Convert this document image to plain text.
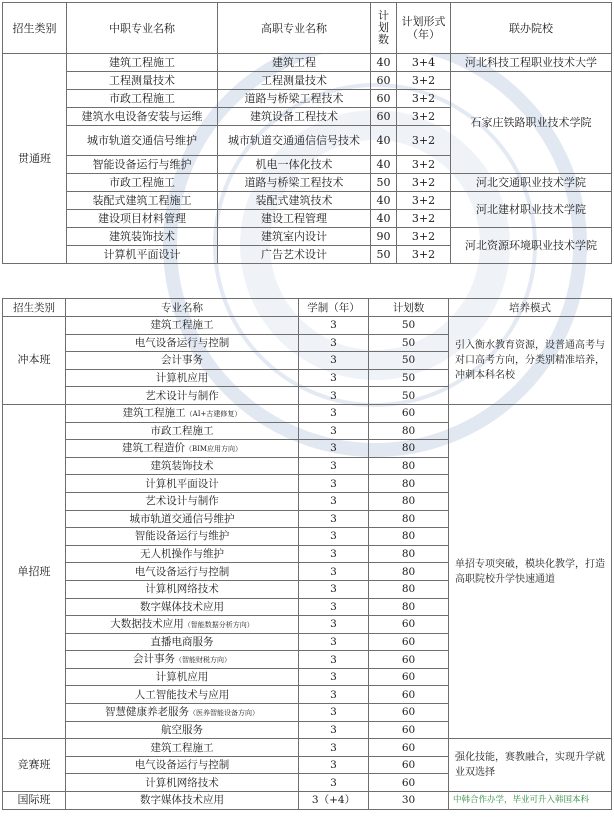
招生类别	中职专业名称	高职专业名称	计划数	计划形式（年）	联办院校
贯通班	建筑工程施工	建筑工程	40	3+4	河北科技工程职业技术大学
	工程测量技术	工程测量技术	60	3+2	石家庄铁路职业技术学院
	市政工程施工	道路与桥梁工程技术	60	3+2	
	建筑水电设备安装与运维	建筑设备工程技术	60	3+2	
	城市轨道交通信号维护	城市轨道交通通信信号技术	40	3+2	
	智能设备运行与维护	机电一体化技术	40	3+2	
	市政工程施工	道路与桥梁工程技术	50	3+2	河北交通职业技术学院
	装配式建筑工程施工	装配式建筑技术	40	3+2	河北建材职业技术学院
	建设项目材料管理	建设工程管理	40	3+2	
	建筑装饰技术	建筑室内设计	90	3+2	河北资源环境职业技术学院
	计算机平面设计	广告艺术设计	50	3+2	
招生类别	专业名称	学制（年）	计划数	培养模式
冲本班	建筑工程施工	3	50	引入衡水教育资源，设普通高考与对口高考方向，分类别精准培养，冲刺本科名校
	电气设备运行与控制	3	50	
	会计事务	3	50	
	计算机应用	3	50	
	艺术设计与制作	3	50	
单招班	建筑工程施工（AI+古建修复）	3	60	单招专项突破，模块化教学，打造高职院校升学快速通道
	市政工程施工	3	80	
	建筑工程造价（BIM应用方向）	3	80	
	建筑装饰技术	3	80	
	计算机平面设计	3	80	
	艺术设计与制作	3	80	
	城市轨道交通信号维护	3	80	
	智能设备运行与维护	3	80	
	无人机操作与维护	3	80	
	电气设备运行与控制	3	80	
	计算机网络技术	3	80	
	数字媒体技术应用	3	80	
	大数据技术应用（智能数据分析方向）	3	60	
	直播电商服务	3	60	
	会计事务（智能财税方向）	3	60	
	计算机应用	3	60	
	人工智能技术与应用	3	60	
	智慧健康养老服务（医养智能设备方向）	3	60	
	航空服务	3	60	
竞赛班	建筑工程施工	3	60	强化技能，赛教融合，实现升学就业双选择
	电气设备运行与控制	3	60	
	计算机网络技术	3	60	
国际班	数字媒体技术应用	3（+4）	30	中韩合作办学，毕业可升入韩国本科
